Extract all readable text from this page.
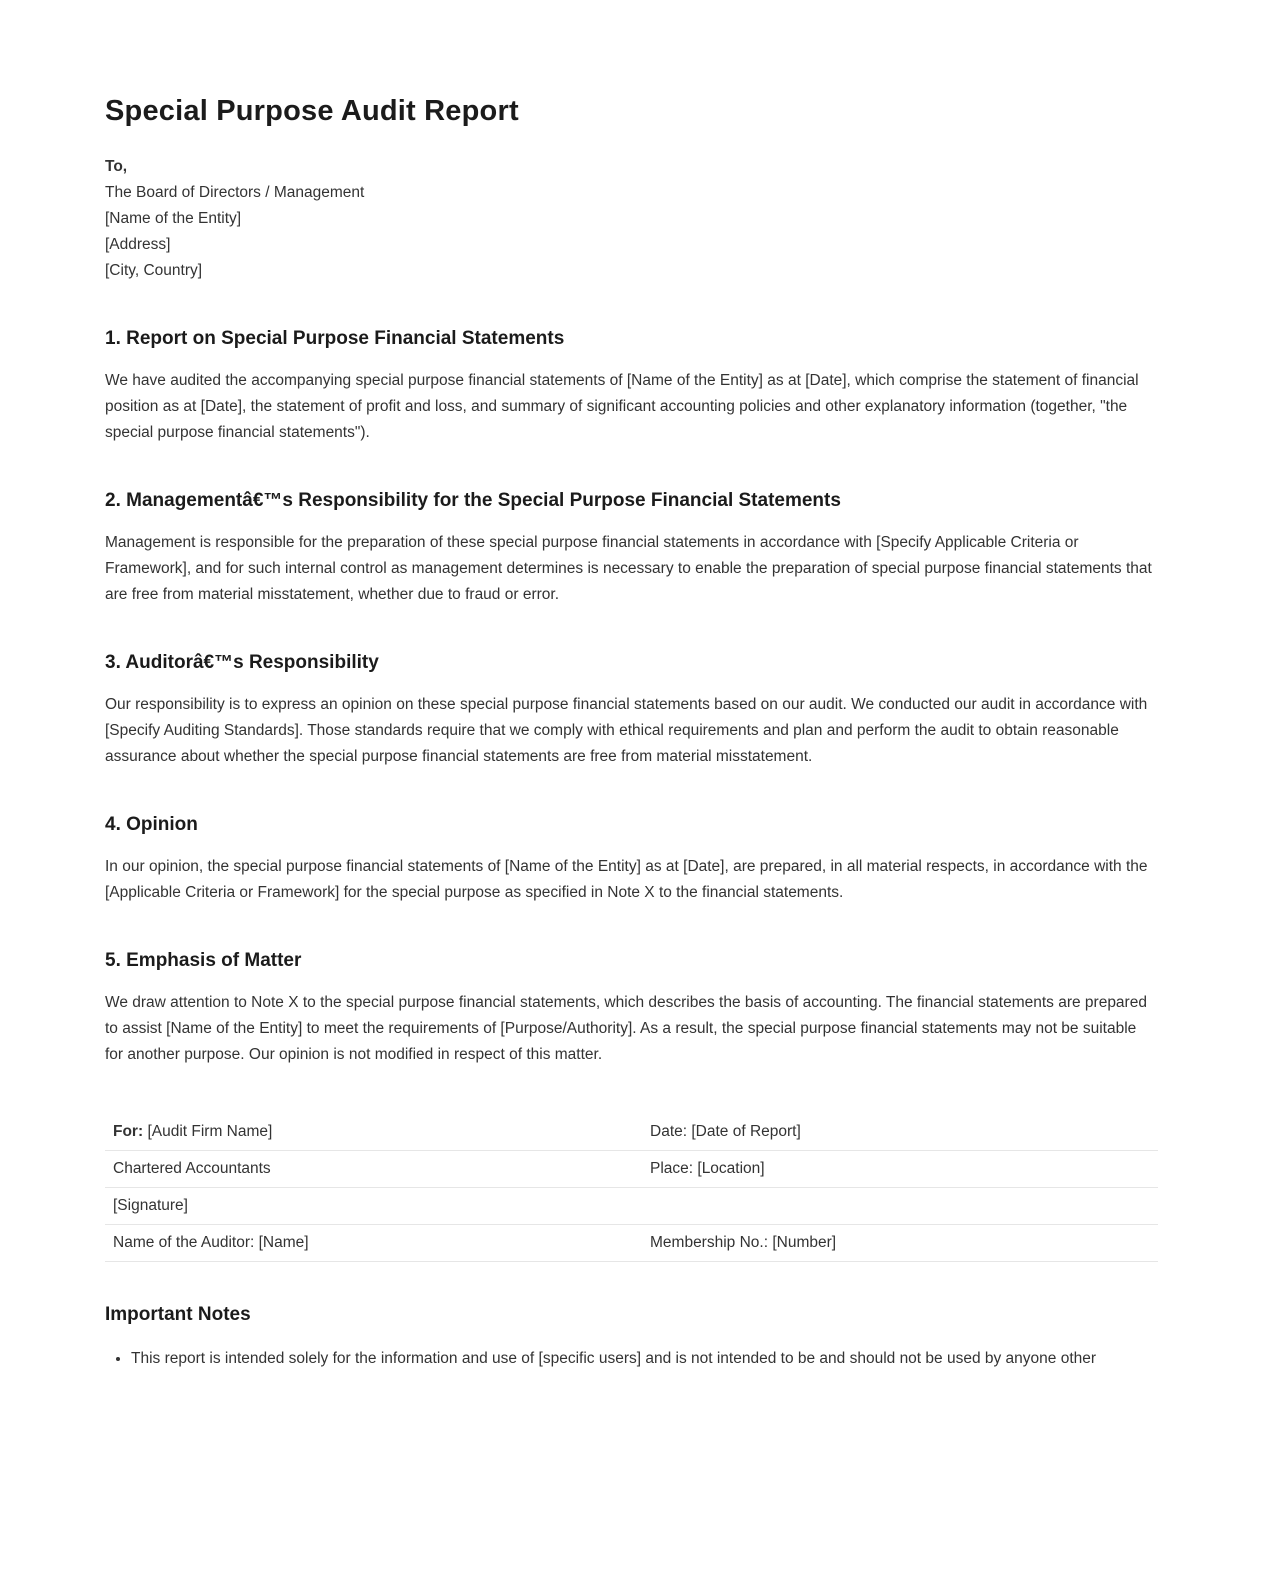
Special Purpose Audit Report
To,
The Board of Directors / Management
[Name of the Entity]
[Address]
[City, Country]
1. Report on Special Purpose Financial Statements

We have audited the accompanying special purpose financial statements of [Name of the Entity] as at [Date], which comprise the statement of financial position as at [Date], the statement of profit and loss, and summary of significant accounting policies and other explanatory information (together, "the special purpose financial statements").

2. Managementâ€™s Responsibility for the Special Purpose Financial Statements

Management is responsible for the preparation of these special purpose financial statements in accordance with [Specify Applicable Criteria or Framework], and for such internal control as management determines is necessary to enable the preparation of special purpose financial statements that are free from material misstatement, whether due to fraud or error.

3. Auditorâ€™s Responsibility

Our responsibility is to express an opinion on these special purpose financial statements based on our audit. We conducted our audit in accordance with [Specify Auditing Standards]. Those standards require that we comply with ethical requirements and plan and perform the audit to obtain reasonable assurance about whether the special purpose financial statements are free from material misstatement.

4. Opinion

In our opinion, the special purpose financial statements of [Name of the Entity] as at [Date], are prepared, in all material respects, in accordance with the [Applicable Criteria or Framework] for the special purpose as specified in Note X to the financial statements.

5. Emphasis of Matter

We draw attention to Note X to the special purpose financial statements, which describes the basis of accounting. The financial statements are prepared to assist [Name of the Entity] to meet the requirements of [Purpose/Authority]. As a result, the special purpose financial statements may not be suitable for another purpose. Our opinion is not modified in respect of this matter.

For: [Audit Firm Name]	Date: [Date of Report]
Chartered Accountants	Place: [Location]
[Signature]
Name of the Auditor: [Name]	Membership No.: [Number]
Important Notes
• This report is intended solely for the information and use of [specific users] and is not intended to be and should not be used by anyone other
